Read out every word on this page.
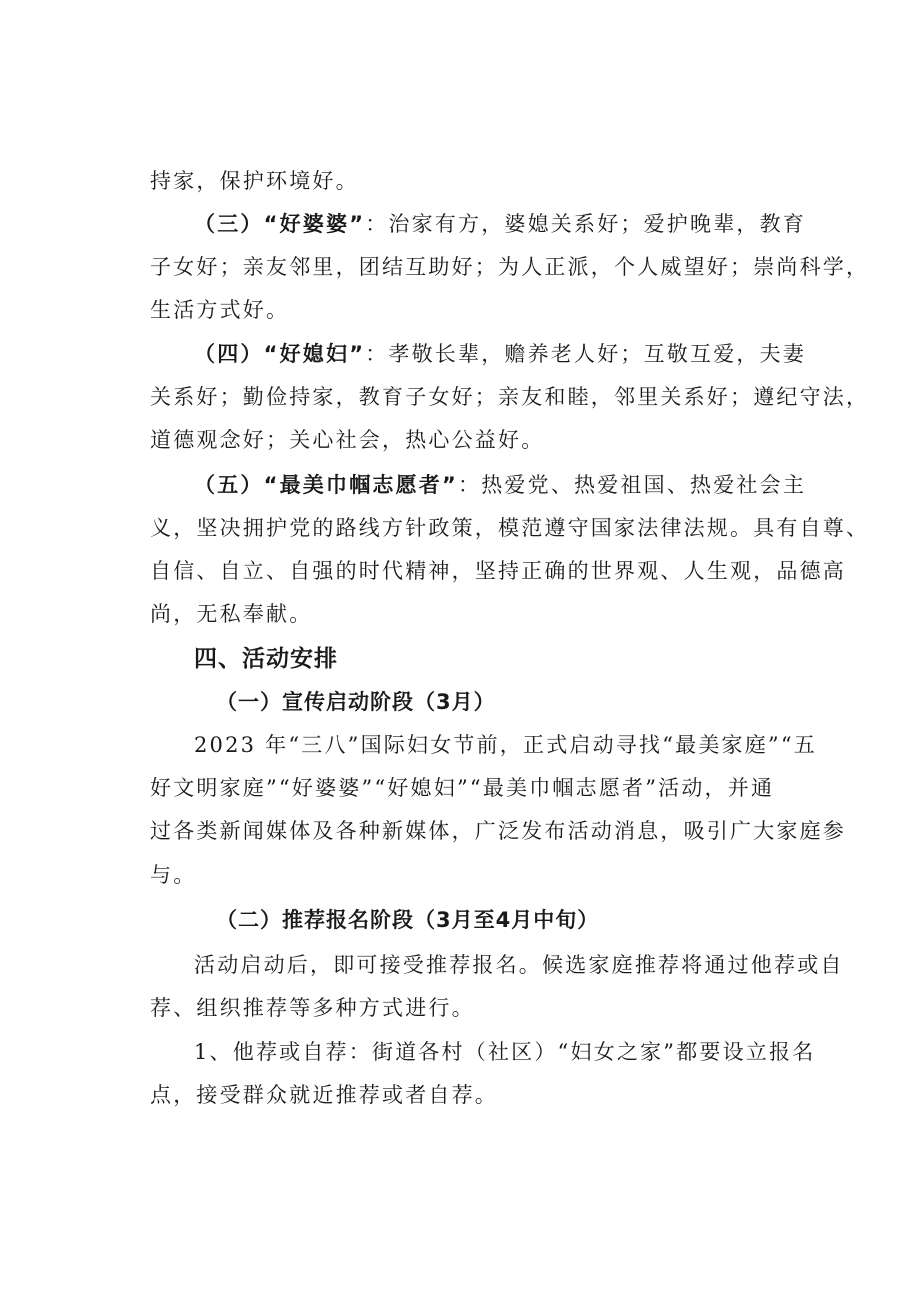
持家，保护环境好。
（三）“好婆婆”：治家有方，婆媳关系好；爱护晚辈，教育
子女好；亲友邻里，团结互助好；为人正派，个人威望好；崇尚科学，
生活方式好。
（四）“好媳妇”：孝敬长辈，赡养老人好；互敬互爱，夫妻
关系好；勤俭持家，教育子女好；亲友和睦，邻里关系好；遵纪守法，
道德观念好；关心社会，热心公益好。
（五）“最美巾帼志愿者”：热爱党、热爱祖国、热爱社会主
义，坚决拥护党的路线方针政策，模范遵守国家法律法规。具有自尊、
自信、自立、自强的时代精神，坚持正确的世界观、人生观，品德高
尚，无私奉献。
四、活动安排
（一）宣传启动阶段（3月）
2023 年“三八”国际妇女节前，正式启动寻找“最美家庭”“五
好文明家庭”“好婆婆”“好媳妇”“最美巾帼志愿者”活动，并通
过各类新闻媒体及各种新媒体，广泛发布活动消息，吸引广大家庭参
与。
（二）推荐报名阶段（3月至4月中旬）
活动启动后，即可接受推荐报名。候选家庭推荐将通过他荐或自
荐、组织推荐等多种方式进行。
1、他荐或自荐：街道各村（社区）“妇女之家”都要设立报名
点，接受群众就近推荐或者自荐。
